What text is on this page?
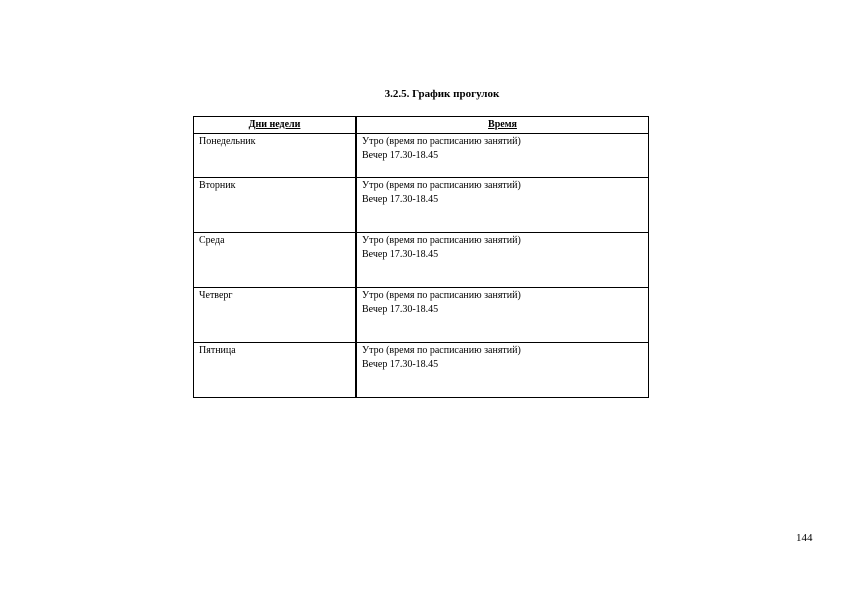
3.2.5. График прогулок
Дни недели	Время
Понедельник	Утро (время по расписанию занятий)
Вечер 17.30-18.45

Вторник	Утро (время по расписанию занятий)
Вечер 17.30-18.45

Среда	Утро (время по расписанию занятий)
Вечер 17.30-18.45

Четверг	Утро (время по расписанию занятий)
Вечер 17.30-18.45

Пятница	Утро (время по расписанию занятий)
Вечер 17.30-18.45
144
